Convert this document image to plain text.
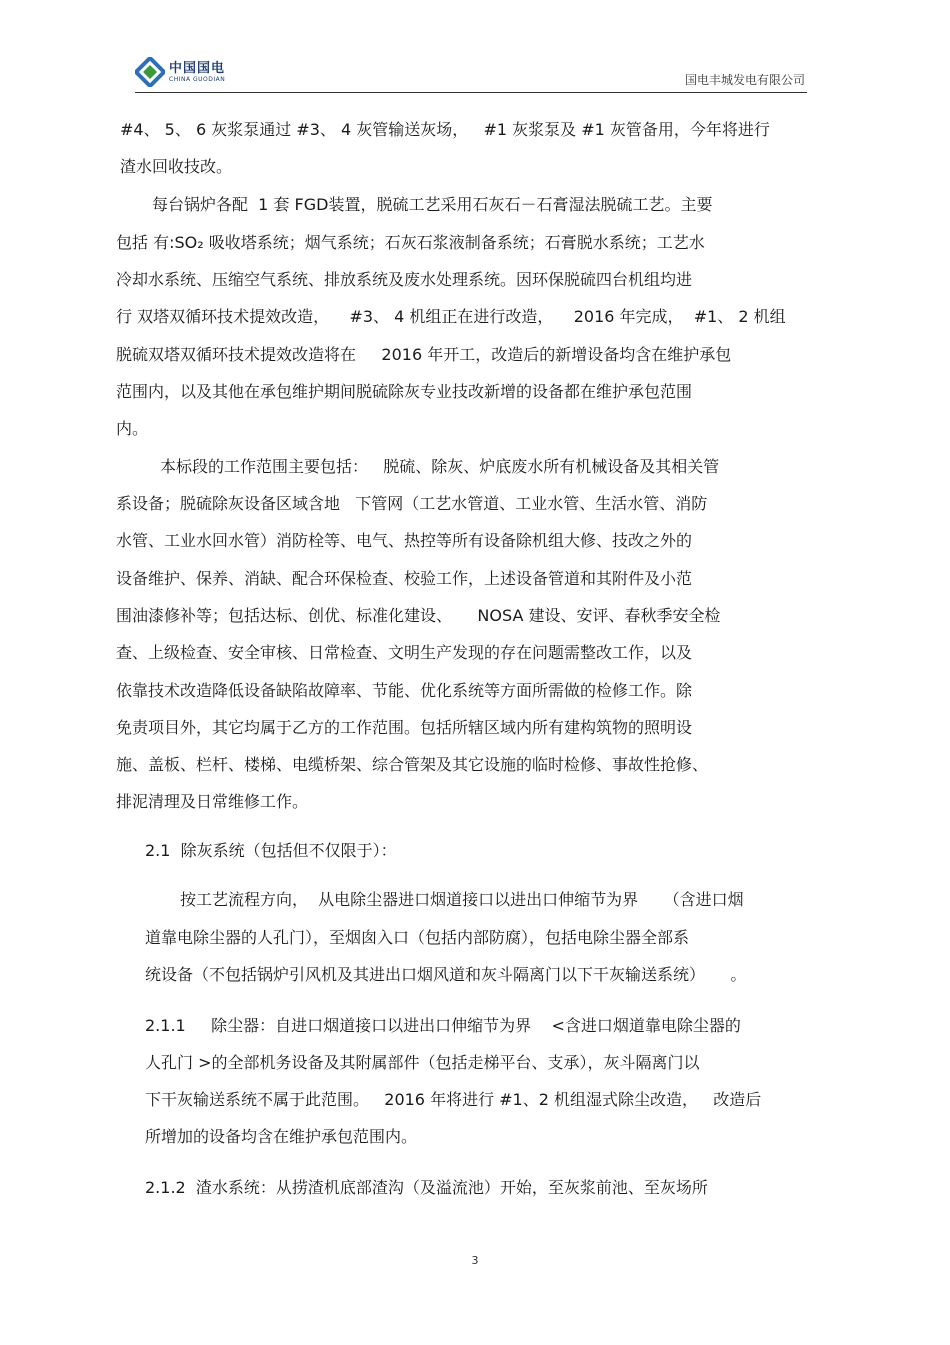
中国国电
CHINA GUODIAN	国电丰城发电有限公司
#4、 5、 6 灰浆泵通过 #3、 4 灰管输送灰场，   #1 灰浆泵及 #1 灰管备用，今年将进行
渣水回收技改。
每台锅炉各配  1 套 FGD装置，脱硫工艺采用石灰石－石膏湿法脱硫工艺。主要
包括 有:SO₂ 吸收塔系统；烟气系统；石灰石浆液制备系统；石膏脱水系统；工艺水
冷却水系统、压缩空气系统、排放系统及废水处理系统。因环保脱硫四台机组均进
行 双塔双循环技术提效改造，    #3、 4 机组正在进行改造，    2016 年完成，  #1、 2 机组
脱硫双塔双循环技术提效改造将在     2016 年开工，改造后的新增设备均含在维护承包
范围内，以及其他在承包维护期间脱硫除灰专业技改新增的设备都在维护承包范围
内。
本标段的工作范围主要包括：   脱硫、除灰、炉底废水所有机械设备及其相关管
系设备；脱硫除灰设备区域含地   下管网（工艺水管道、工业水管、生活水管、消防
水管、工业水回水管）消防栓等、电气、热控等所有设备除机组大修、技改之外的
设备维护、保养、消缺、配合环保检查、校验工作，上述设备管道和其附件及小范
围油漆修补等；包括达标、创优、标准化建设、     NOSA 建设、安评、春秋季安全检
查、上级检查、安全审核、日常检查、文明生产发现的存在问题需整改工作，以及
依靠技术改造降低设备缺陷故障率、节能、优化系统等方面所需做的检修工作。除
免责项目外，其它均属于乙方的工作范围。包括所辖区域内所有建构筑物的照明设
施、盖板、栏杆、楼梯、电缆桥架、综合管架及其它设施的临时检修、事故性抢修、
排泥清理及日常维修工作。
2.1  除灰系统（包括但不仅限于）：
按工艺流程方向，  从电除尘器进口烟道接口以进出口伸缩节为界     （含进口烟
道靠电除尘器的人孔门），至烟囱入口（包括内部防腐），包括电除尘器全部系
统设备（不包括锅炉引风机及其进出口烟风道和灰斗隔离门以下干灰输送系统）     。
2.1.1     除尘器：自进口烟道接口以进出口伸缩节为界    <含进口烟道靠电除尘器的
人孔门 >的全部机务设备及其附属部件（包括走梯平台、支承），灰斗隔离门以
下干灰输送系统不属于此范围。   2016 年将进行 #1、2 机组湿式除尘改造，   改造后
所增加的设备均含在维护承包范围内。
2.1.2  渣水系统：从捞渣机底部渣沟（及溢流池）开始，至灰浆前池、至灰场所
3
